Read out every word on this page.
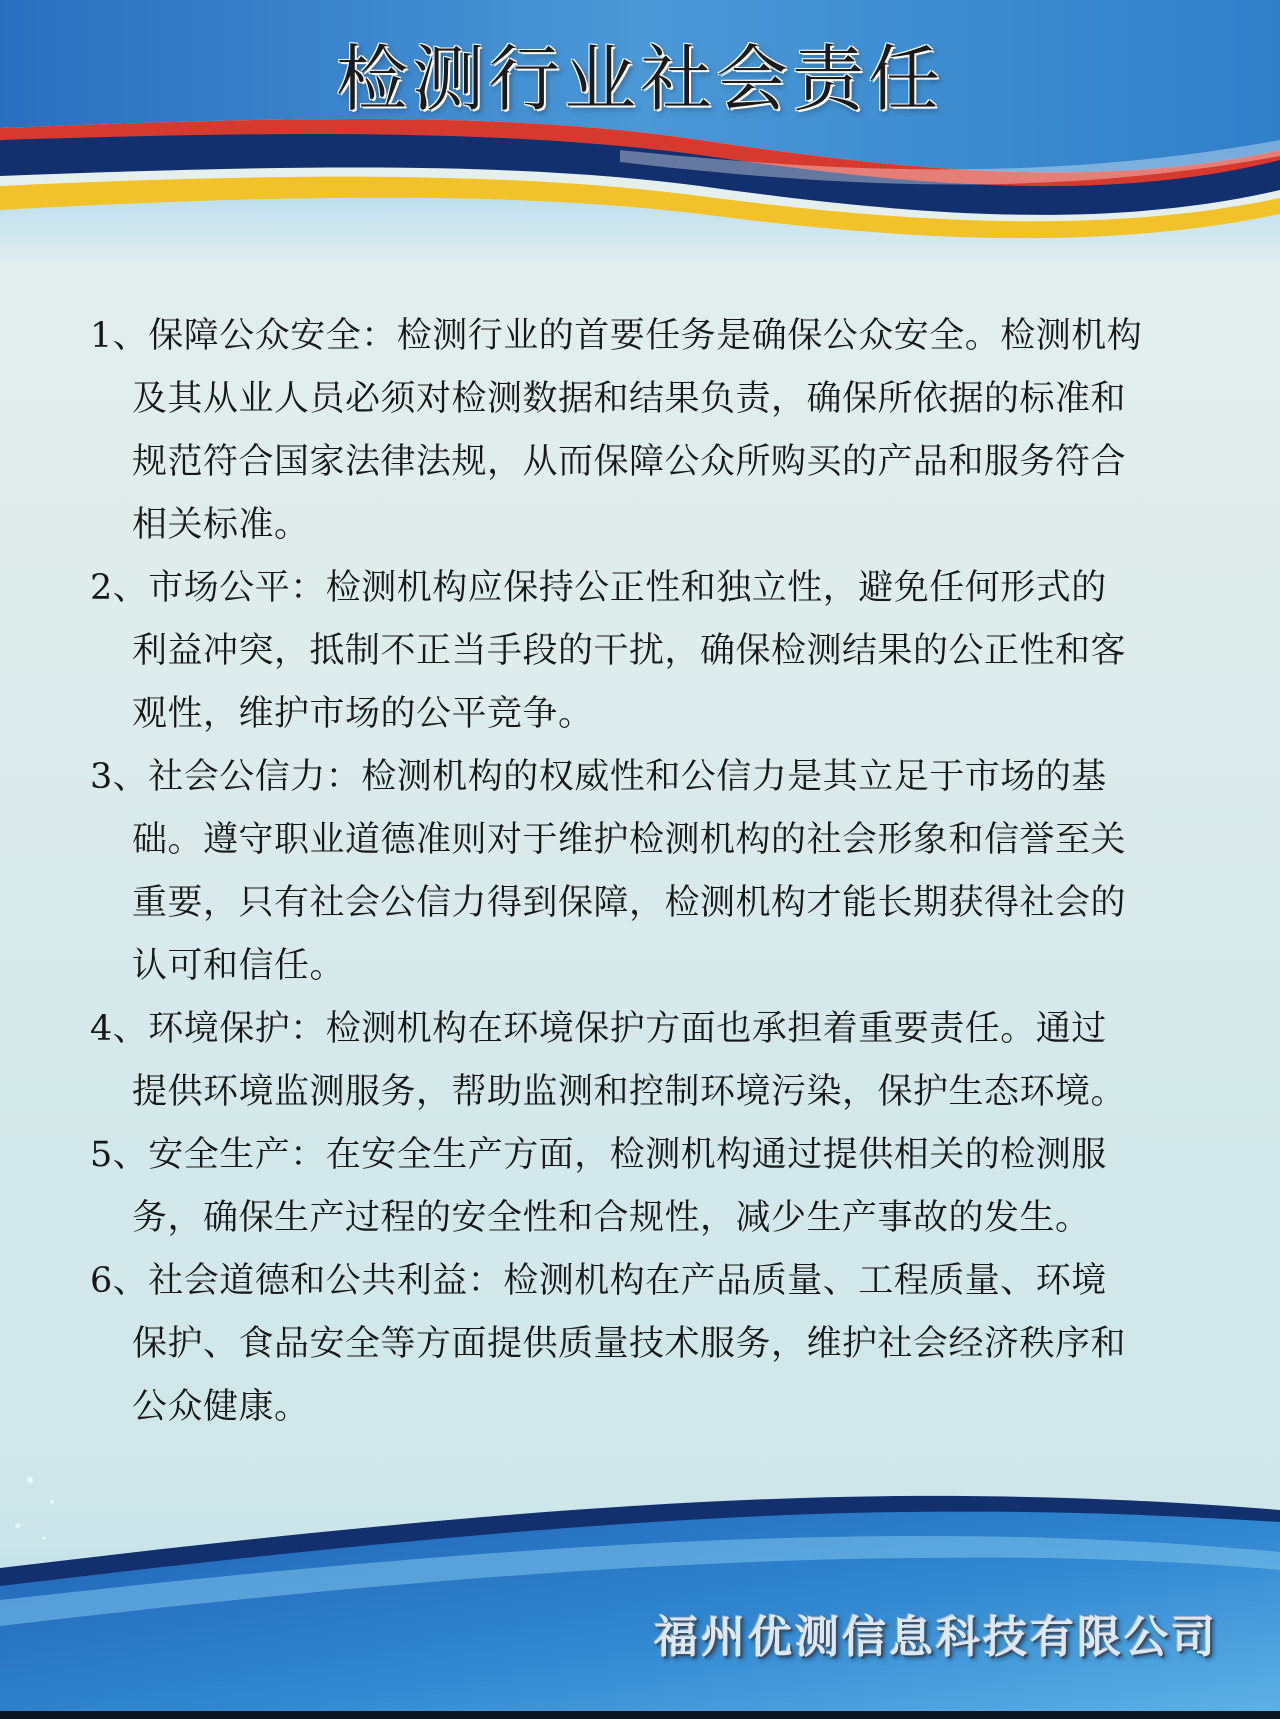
检测行业社会责任
1、保障公众安全：检测行业的首要任务是确保公众安全。检测机构
及其从业人员必须对检测数据和结果负责，确保所依据的标准和
规范符合国家法律法规，从而保障公众所购买的产品和服务符合
相关标准。
2、市场公平：检测机构应保持公正性和独立性，避免任何形式的
利益冲突，抵制不正当手段的干扰，确保检测结果的公正性和客
观性，维护市场的公平竞争。
3、社会公信力：检测机构的权威性和公信力是其立足于市场的基
础。遵守职业道德准则对于维护检测机构的社会形象和信誉至关
重要，只有社会公信力得到保障，检测机构才能长期获得社会的
认可和信任。
4、环境保护：检测机构在环境保护方面也承担着重要责任。通过
提供环境监测服务，帮助监测和控制环境污染，保护生态环境。
5、安全生产：在安全生产方面，检测机构通过提供相关的检测服
务，确保生产过程的安全性和合规性，减少生产事故的发生。
6、社会道德和公共利益：检测机构在产品质量、工程质量、环境
保护、食品安全等方面提供质量技术服务，维护社会经济秩序和
公众健康。
福州优测信息科技有限公司
